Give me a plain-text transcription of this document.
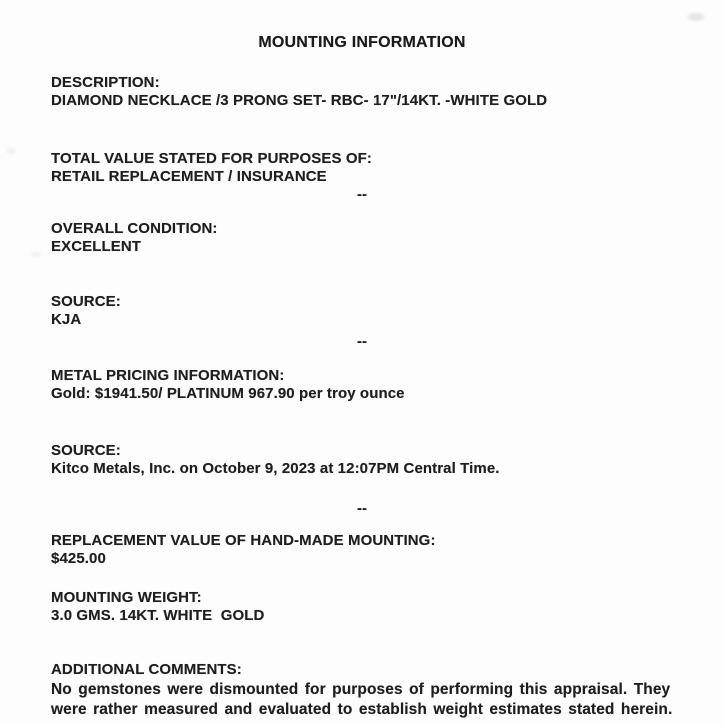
MOUNTING INFORMATION
DESCRIPTION:
DIAMOND NECKLACE /3 PRONG SET- RBC- 17"/14KT. -WHITE GOLD
TOTAL VALUE STATED FOR PURPOSES OF:
RETAIL REPLACEMENT / INSURANCE
--
OVERALL CONDITION:
EXCELLENT
SOURCE:
KJA
--
METAL PRICING INFORMATION:
Gold: $1941.50/ PLATINUM 967.90 per troy ounce
SOURCE:
Kitco Metals, Inc. on October 9, 2023 at 12:07PM Central Time.
--
REPLACEMENT VALUE OF HAND-MADE MOUNTING:
$425.00
MOUNTING WEIGHT:
3.0 GMS. 14KT. WHITE  GOLD
ADDITIONAL COMMENTS:
No gemstones were dismounted for purposes of performing this appraisal. They
were rather measured and evaluated to establish weight estimates stated herein.
